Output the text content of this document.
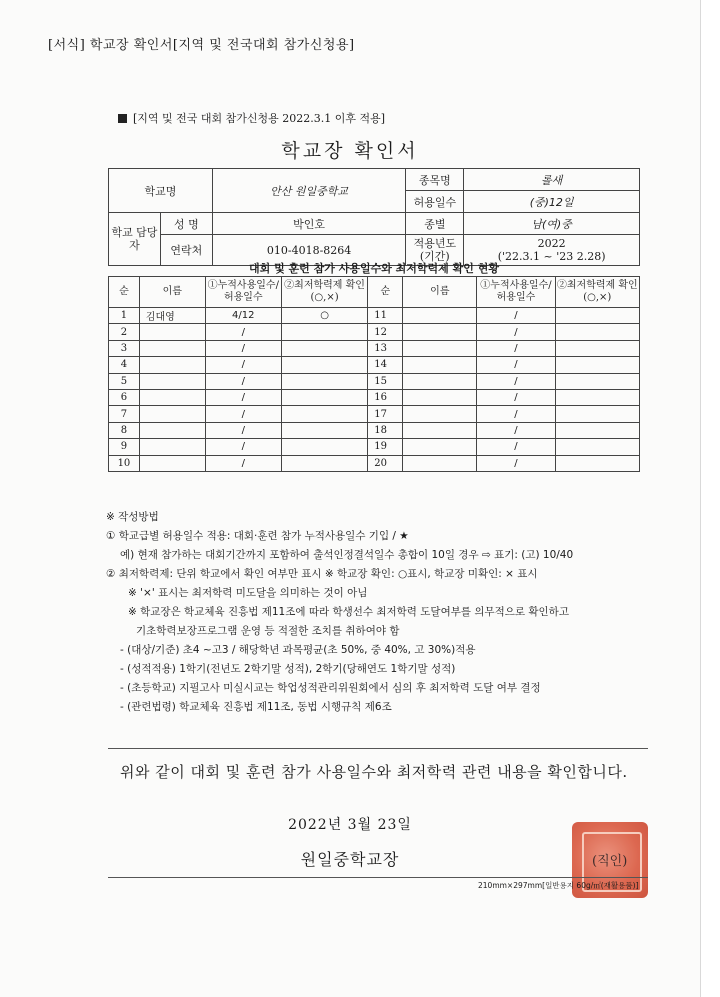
[서식] 학교장 확인서[지역 및 전국대회 참가신청용]
[지역 및 전국 대회 참가신청용 2022.3.1 이후 적용]
학교장 확인서
학교명		안산 원일중학교	종목명	롤새
			허용일수	(중)12일
학교 담당자	성 명	박인호	종별	남(여)중
	연락처	010-4018-8264	적용년도 (기간)	2022
('22.3.1 ~ '23 2.28)
대회 및 훈련 참가 사용일수와 최저학력제 확인 현황
순	이름	①누적사용일수/ 허용일수	②최저학력제 확인(○,×)	순	이름	①누적사용일수/ 허용일수	②최저학력제 확인(○,×)
1	김대영	4/12	○	11		/	
2		/		12		/	
3		/		13		/	
4		/		14		/	
5		/		15		/	
6		/		16		/	
7		/		17		/	
8		/		18		/	
9		/		19		/	
10		/		20		/	
※ 작성방법
① 학교급별 허용일수 적용: 대회·훈련 참가 누적사용일수 기입 / ★
예) 현재 참가하는 대회기간까지 포함하여 출석인정결석일수 총합이 10일 경우 ⇨ 표기: (고) 10/40
② 최저학력제: 단위 학교에서 확인 여부만 표시 ※ 학교장 확인: ○표시, 학교장 미확인: × 표시
※ '×' 표시는 최저학력 미도달을 의미하는 것이 아님
※ 학교장은 학교체육 진흥법 제11조에 따라 학생선수 최저학력 도달여부를 의무적으로 확인하고
기초학력보장프로그램 운영 등 적절한 조치를 취하여야 함
- (대상/기준) 초4 ~고3 / 해당학년 과목평균(초 50%, 중 40%, 고 30%)적용
- (성적적용) 1학기(전년도 2학기말 성적), 2학기(당해연도 1학기말 성적)
- (초등학교) 지필고사 미실시교는 학업성적관리위원회에서 심의 후 최저학력 도달 여부 결정
- (관련법령) 학교체육 진흥법 제11조, 동법 시행규칙 제6조
위와 같이 대회 및 훈련 참가 사용일수와 최저학력 관련 내용을 확인합니다.
2022년 3월 23일
원일중학교장	(직인)
210mm×297mm[일반용지 60g/㎡(재활용품)]
